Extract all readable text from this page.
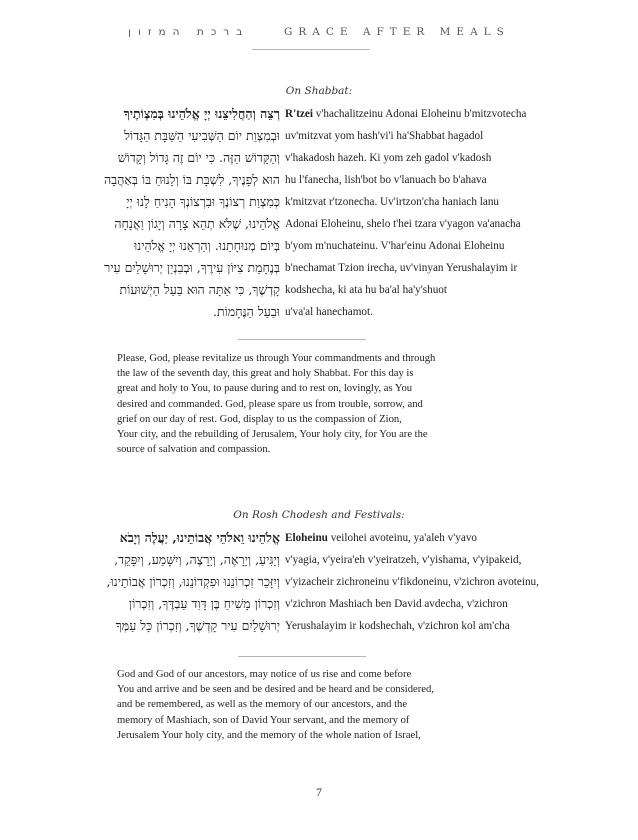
ברכת המזון	GRACE AFTER MEALS
On Shabbat:
רְצֵה וְהַחֲלִיצֵנוּ יְיָ אֱלֹהֵינוּ בְּמִצְוֹתֶיךָ
וּבְמִצְוַת יוֹם הַשְּׁבִיעִי הַשַּׁבָּת הַגָּדוֹל
וְהַקָּדוֹשׁ הַזֶּה. כִּי יוֹם זֶה גָּדוֹל וְקָדוֹשׁ
הוּא לְפָנֶיךָ, לִשְׁבָּת בּוֹ וְלָנוּחַ בּוֹ בְּאַהֲבָה
כְּמִצְוַת רְצוֹנֶךָ וּבִרְצוֹנְךָ הָנִיחַ לָנוּ יְיָ
אֱלֹהֵינוּ, שֶׁלֹּא תְהֵא צָרָה וְיָגוֹן וַאֲנָחָה
בְּיוֹם מְנוּחָתֵנוּ. וְהַרְאֵנוּ יְיָ אֱלֹהֵינוּ
בְּנֶחָמַת צִיּוֹן עִירֶךָ, וּבְבִנְיַן יְרוּשָׁלַיִם עִיר
קָדְשֶׁךָ, כִּי אַתָּה הוּא בַּעַל הַיְשׁוּעוֹת
וּבַעַל הַנֶּחָמוֹת.
R'tzei v'hachalitzeinu Adonai Eloheinu b'mitzvotecha
uv'mitzvat yom hash'vi'i ha'Shabbat hagadol
v'hakadosh hazeh. Ki yom zeh gadol v'kadosh
hu l'fanecha, lish'bot bo v'lanuach bo b'ahava
k'mitzvat r'tzonecha. Uv'irtzon'cha haniach lanu
Adonai Eloheinu, shelo t'hei tzara v'yagon va'anacha
b'yom m'nuchateinu. V'har'einu Adonai Eloheinu
b'nechamat Tzion irecha, uv'vinyan Yerushalayim ir
kodshecha, ki ata hu ba'al ha'y'shuot
u'va'al hanechamot.
Please, God, please revitalize us through Your commandments and through
the law of the seventh day, this great and holy Shabbat. For this day is
great and holy to You, to pause during and to rest on, lovingly, as You
desired and commanded. God, please spare us from trouble, sorrow, and
grief on our day of rest. God, display to us the compassion of Zion,
Your city, and the rebuilding of Jerusalem, Your holy city, for You are the
source of salvation and compassion.
On Rosh Chodesh and Festivals:
אֱלֹהֵינוּ וֵאלֹהֵי אֲבוֹתֵינוּ, יַעֲלֶה וְיָבֹא
וְיַגִּיעַ, וְיֵרָאֶה, וְיֵרָצֶה, וְיִשָּׁמַע, וְיִפָּקֵד,
וְיִזָּכֵר זִכְרוֹנֵנוּ וּפִקְדוֹנֵנוּ, וְזִכְרוֹן אֲבוֹתֵינוּ,
וְזִכְרוֹן מָשִׁיחַ בֶּן דָּוִד עַבְדֶּךָ, וְזִכְרוֹן
יְרוּשָׁלַיִם עִיר קָדְשֶׁךָ, וְזִכְרוֹן כָּל עַמְּךָ
Eloheinu veilohei avoteinu, ya'aleh v'yavo
v'yagia, v'yeira'eh v'yeiratzeh, v'yishama, v'yipakeid,
v'yizacheir zichroneinu v'fikdoneinu, v'zichron avoteinu,
v'zichron Mashiach ben David avdecha, v'zichron
Yerushalayim ir kodshechah, v'zichron kol am'cha
God and God of our ancestors, may notice of us rise and come before
You and arrive and be seen and be desired and be heard and be considered,
and be remembered, as well as the memory of our ancestors, and the
memory of Mashiach, son of David Your servant, and the memory of
Jerusalem Your holy city, and the memory of the whole nation of Israel,
7
